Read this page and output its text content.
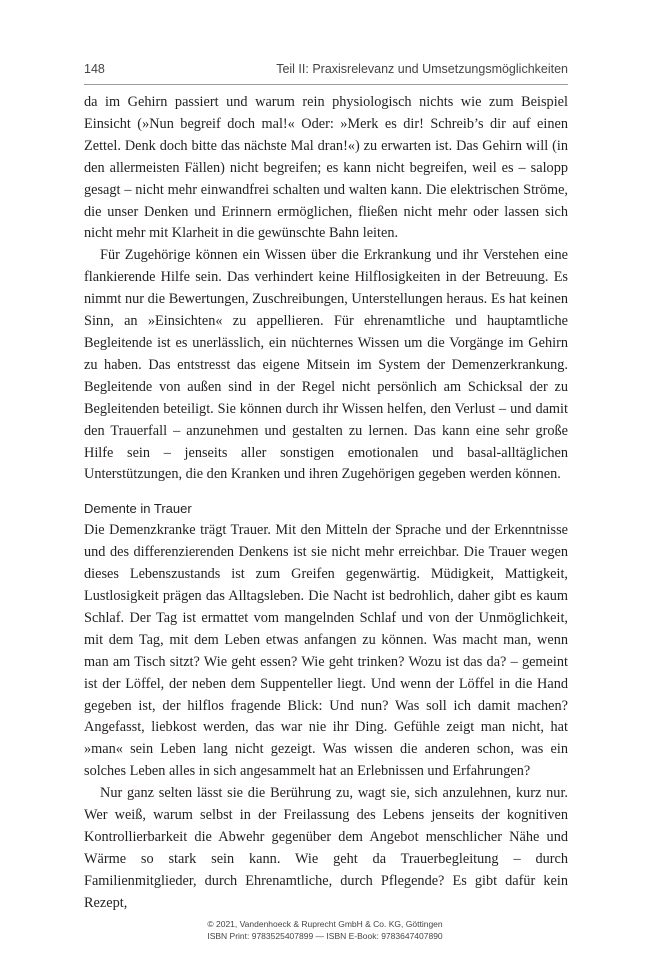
148	Teil II: Praxisrelevanz und Umsetzungsmöglichkeiten

da im Gehirn passiert und warum rein physiologisch nichts wie zum Beispiel Einsicht (»Nun begreif doch mal!« Oder: »Merk es dir! Schreib’s dir auf einen Zettel. Denk doch bitte das nächste Mal dran!«) zu erwarten ist. Das Gehirn will (in den allermeisten Fällen) nicht begreifen; es kann nicht begreifen, weil es – salopp gesagt – nicht mehr einwandfrei schalten und walten kann. Die elektrischen Ströme, die unser Denken und Erinnern ermöglichen, fließen nicht mehr oder lassen sich nicht mehr mit Klarheit in die gewünschte Bahn leiten.

Für Zugehörige können ein Wissen über die Erkrankung und ihr Verstehen eine flankierende Hilfe sein. Das verhindert keine Hilflosigkeiten in der Betreuung. Es nimmt nur die Bewertungen, Zuschreibungen, Unterstellungen heraus. Es hat keinen Sinn, an »Einsichten« zu appellieren. Für ehrenamtliche und hauptamtliche Begleitende ist es unerlässlich, ein nüchternes Wissen um die Vorgänge im Gehirn zu haben. Das entstresst das eigene Mitsein im System der Demenzerkrankung. Begleitende von außen sind in der Regel nicht persönlich am Schicksal der zu Begleitenden beteiligt. Sie können durch ihr Wissen helfen, den Verlust – und damit den Trauerfall – anzunehmen und gestalten zu lernen. Das kann eine sehr große Hilfe sein – jenseits aller sonstigen emotionalen und basal-alltäglichen Unterstützungen, die den Kranken und ihren Zugehörigen gegeben werden können.

Demente in Trauer

Die Demenzkranke trägt Trauer. Mit den Mitteln der Sprache und der Erkenntnisse und des differenzierenden Denkens ist sie nicht mehr erreichbar. Die Trauer wegen dieses Lebenszustands ist zum Greifen gegenwärtig. Müdigkeit, Mattigkeit, Lustlosigkeit prägen das Alltagsleben. Die Nacht ist bedrohlich, daher gibt es kaum Schlaf. Der Tag ist ermattet vom mangelnden Schlaf und von der Unmöglichkeit, mit dem Tag, mit dem Leben etwas anfangen zu können. Was macht man, wenn man am Tisch sitzt? Wie geht essen? Wie geht trinken? Wozu ist das da? – gemeint ist der Löffel, der neben dem Suppenteller liegt. Und wenn der Löffel in die Hand gegeben ist, der hilflos fragende Blick: Und nun? Was soll ich damit machen? Angefasst, liebkost werden, das war nie ihr Ding. Gefühle zeigt man nicht, hat »man« sein Leben lang nicht gezeigt. Was wissen die anderen schon, was ein solches Leben alles in sich angesammelt hat an Erlebnissen und Erfahrungen?

Nur ganz selten lässt sie die Berührung zu, wagt sie, sich anzulehnen, kurz nur. Wer weiß, warum selbst in der Freilassung des Lebens jenseits der kognitiven Kontrollierbarkeit die Abwehr gegenüber dem Angebot menschlicher Nähe und Wärme so stark sein kann. Wie geht da Trauerbegleitung – durch Familienmitglieder, durch Ehrenamtliche, durch Pflegende? Es gibt dafür kein Rezept,

© 2021, Vandenhoeck & Ruprecht GmbH & Co. KG, Göttingen
ISBN Print: 9783525407899 — ISBN E-Book: 9783647407890
